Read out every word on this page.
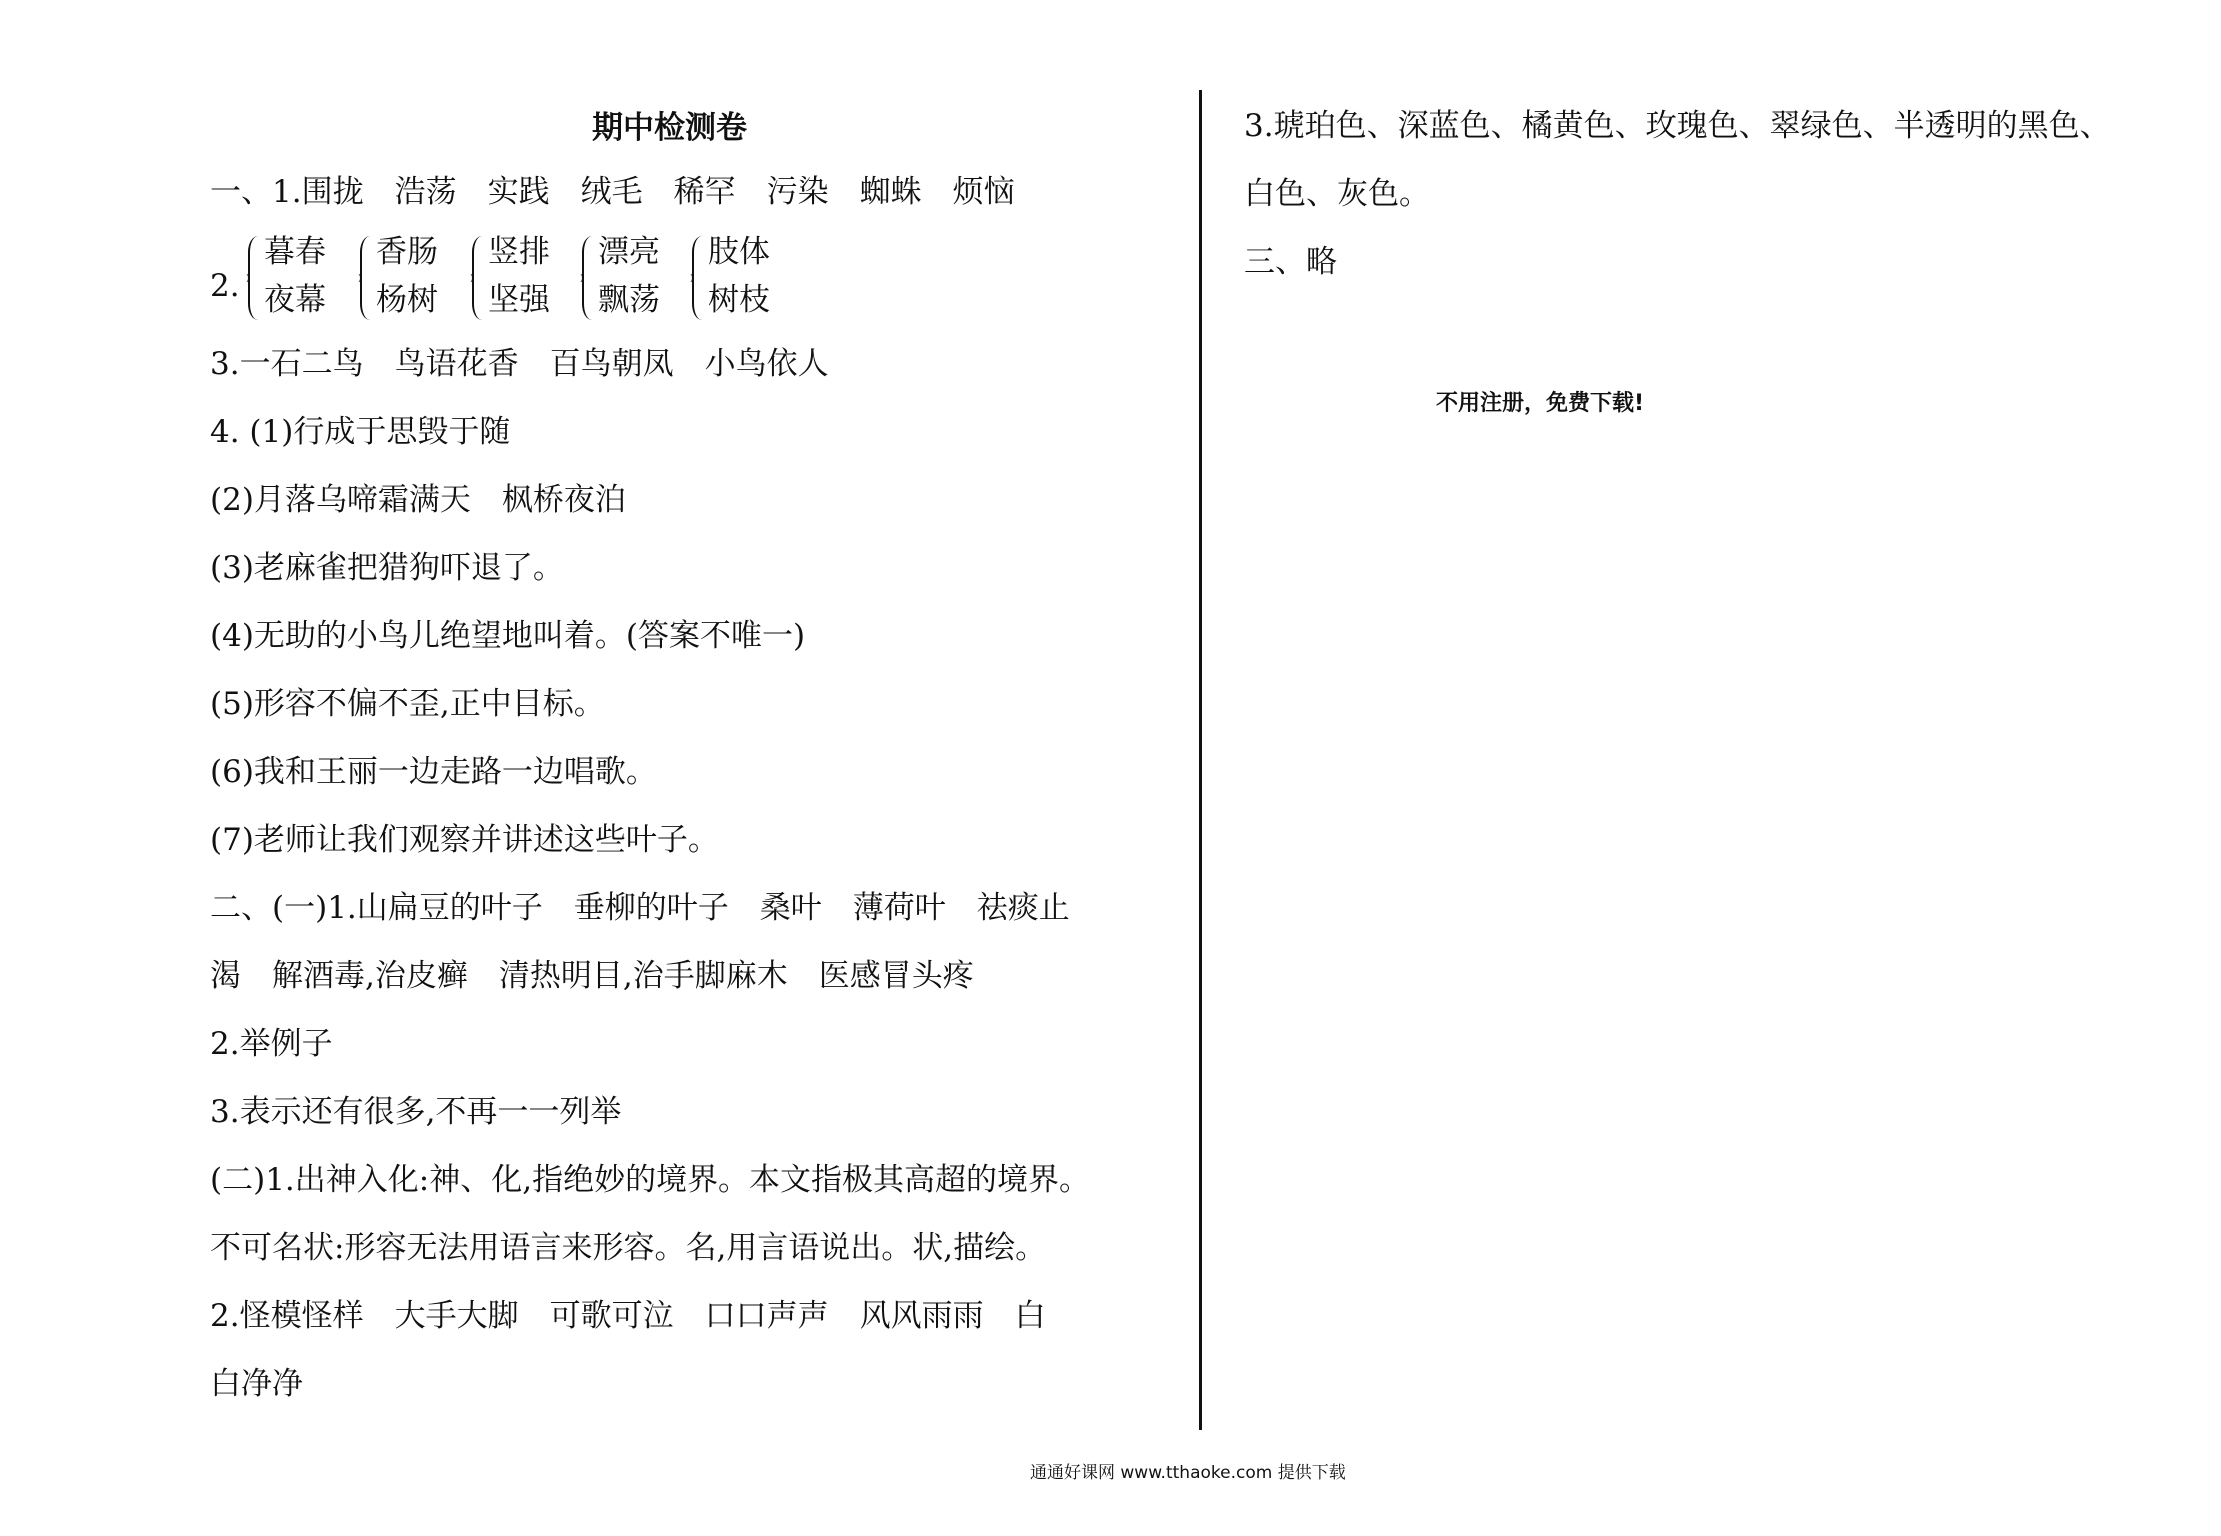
期中检测卷
一、1.围拢　浩荡　实践　绒毛　稀罕　污染　蜘蛛　烦恼
2.
暮春
夜幕
香肠
杨树
竖排
坚强
漂亮
飘荡
肢体
树枝
3.一石二鸟　鸟语花香　百鸟朝凤　小鸟依人
4. (1)行成于思毁于随
(2)月落乌啼霜满天　枫桥夜泊
(3)老麻雀把猎狗吓退了。
(4)无助的小鸟儿绝望地叫着。(答案不唯一)
(5)形容不偏不歪,正中目标。
(6)我和王丽一边走路一边唱歌。
(7)老师让我们观察并讲述这些叶子。
二、(一)1.山扁豆的叶子　垂柳的叶子　桑叶　薄荷叶　祛痰止
渴　解酒毒,治皮癣　清热明目,治手脚麻木　医感冒头疼
2.举例子
3.表示还有很多,不再一一列举
(二)1.出神入化:神、化,指绝妙的境界。本文指极其高超的境界。
不可名状:形容无法用语言来形容。名,用言语说出。状,描绘。
2.怪模怪样　大手大脚　可歌可泣　口口声声　风风雨雨　白
白净净
3.琥珀色、深蓝色、橘黄色、玫瑰色、翠绿色、半透明的黑色、
白色、灰色。
三、略
不用注册，免费下载!
通通好课网 www.tthaoke.com 提供下载
